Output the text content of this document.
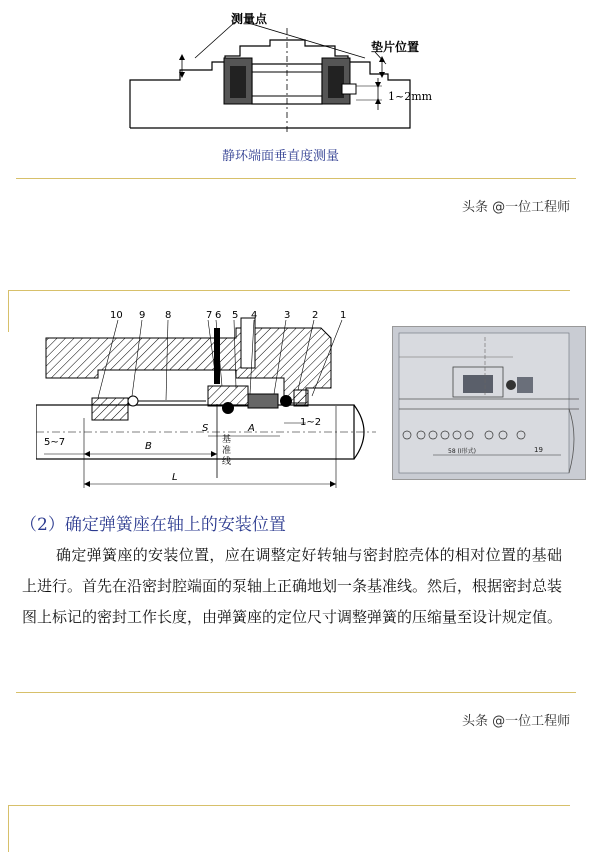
测量点
垫片位置
1~2mm
静环端面垂直度测量
头条 @一位工程师
10 9 8	7 6 5 4	3 2 1
S	A
1~2
5~7	B
L
基
准
线
58 (Ⅰ形式)	19
（2）确定弹簧座在轴上的安装位置
确定弹簧座的安装位置，应在调整定好转轴与密封腔壳体的相对位置的基础上进行。首先在沿密封腔端面的泵轴上正确地划一条基准线。然后，根据密封总装图上标记的密封工作长度，由弹簧座的定位尺寸调整弹簧的压缩量至设计规定值。
头条 @一位工程师
